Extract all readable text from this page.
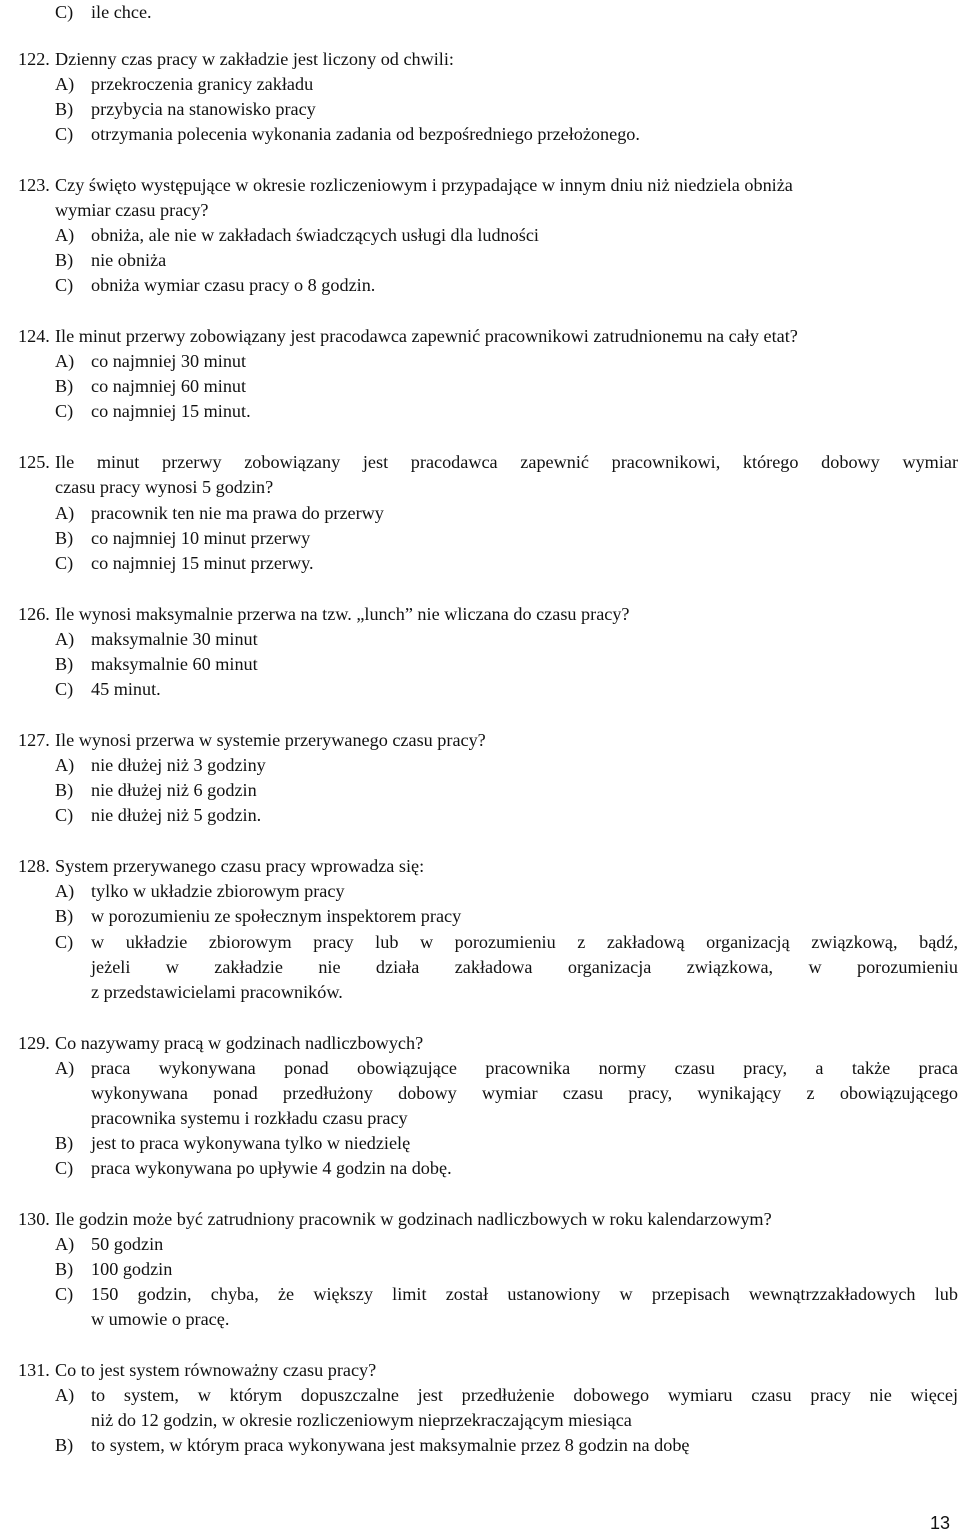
C) ile chce.
122. Dzienny czas pracy w zakładzie jest liczony od chwili:
A) przekroczenia granicy zakładu
B) przybycia na stanowisko pracy
C) otrzymania polecenia wykonania zadania od bezpośredniego przełożonego.
123. Czy święto występujące w okresie rozliczeniowym i przypadające w innym dniu niż niedziela obniża
wymiar czasu pracy?
A) obniża, ale nie w zakładach świadczących usługi dla ludności
B) nie obniża
C) obniża wymiar czasu pracy o 8 godzin.
124. Ile minut przerwy zobowiązany jest pracodawca zapewnić pracownikowi zatrudnionemu na cały etat?
A) co najmniej 30 minut
B) co najmniej 60 minut
C) co najmniej 15 minut.
125. Ile minut przerwy zobowiązany jest pracodawca zapewnić pracownikowi, którego dobowy wymiar
czasu pracy wynosi 5 godzin?
A) pracownik ten nie ma prawa do przerwy
B) co najmniej 10 minut przerwy
C) co najmniej 15 minut przerwy.
126. Ile wynosi maksymalnie przerwa na tzw. „lunch” nie wliczana do czasu pracy?
A) maksymalnie 30 minut
B) maksymalnie 60 minut
C) 45 minut.
127. Ile wynosi przerwa w systemie przerywanego czasu pracy?
A) nie dłużej niż 3 godziny
B) nie dłużej niż 6 godzin
C) nie dłużej niż 5 godzin.
128. System przerywanego czasu pracy wprowadza się:
A) tylko w układzie zbiorowym pracy
B) w porozumieniu ze społecznym inspektorem pracy
C) w układzie zbiorowym pracy lub w porozumieniu z zakładową organizacją związkową, bądź,
jeżeli w zakładzie nie działa zakładowa organizacja związkowa, w porozumieniu
z przedstawicielami pracowników.
129. Co nazywamy pracą w godzinach nadliczbowych?
A) praca wykonywana ponad obowiązujące pracownika normy czasu pracy, a także praca
wykonywana ponad przedłużony dobowy wymiar czasu pracy, wynikający z obowiązującego
pracownika systemu i rozkładu czasu pracy
B) jest to praca wykonywana tylko w niedzielę
C) praca wykonywana po upływie 4 godzin na dobę.
130. Ile godzin może być zatrudniony pracownik w godzinach nadliczbowych w roku kalendarzowym?
A) 50 godzin
B) 100 godzin
C) 150 godzin, chyba, że większy limit został ustanowiony w przepisach wewnątrzzakładowych lub
w umowie o pracę.
131. Co to jest system równoważny czasu pracy?
A) to system, w którym dopuszczalne jest przedłużenie dobowego wymiaru czasu pracy nie więcej
niż do 12 godzin, w okresie rozliczeniowym nieprzekraczającym miesiąca
B) to system, w którym praca wykonywana jest maksymalnie przez 8 godzin na dobę
13
